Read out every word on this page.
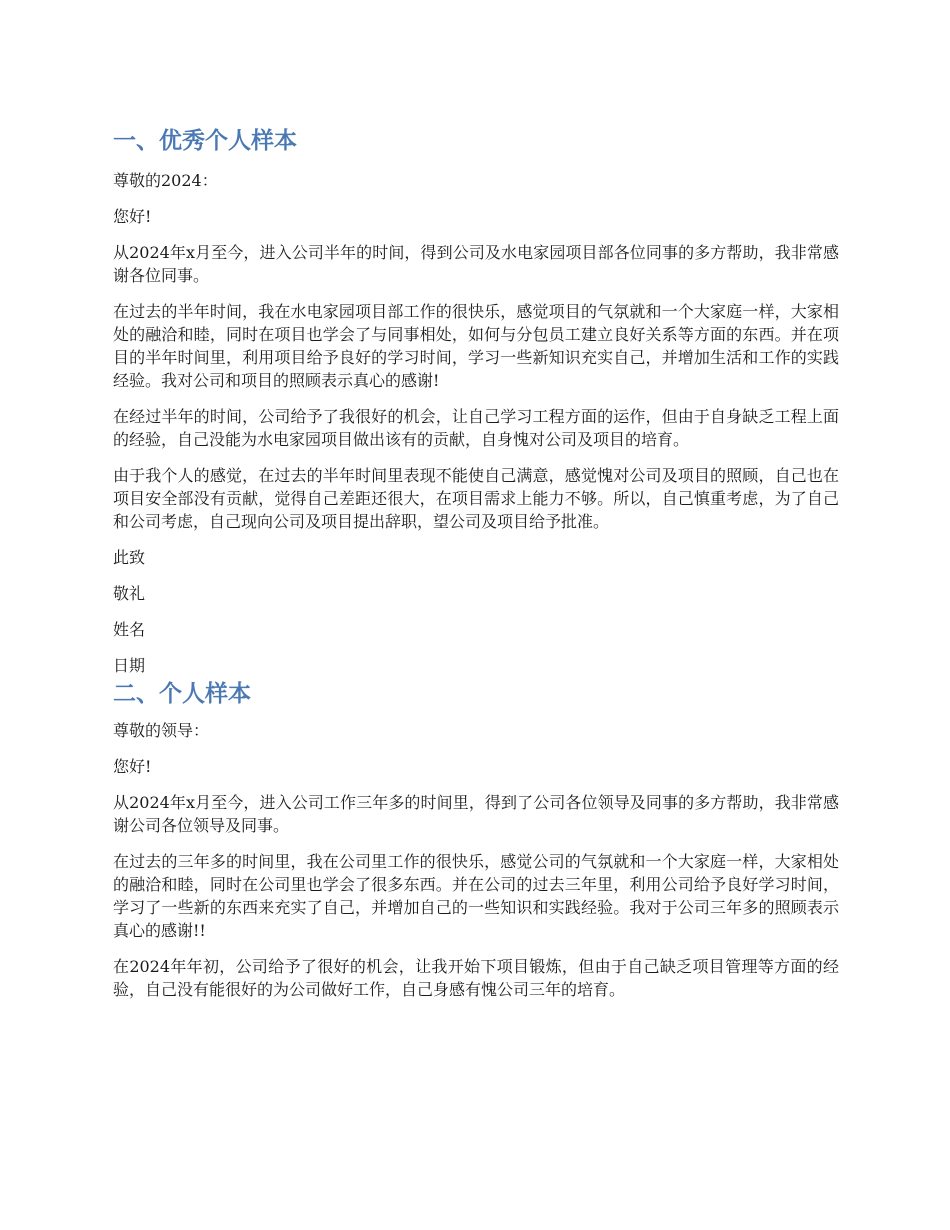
一、优秀个人样本

尊敬的2024：

您好!

从2024年x月至今，进入公司半年的时间，得到公司及水电家园项目部各位同事的多方帮助，我非常感谢各位同事。

在过去的半年时间，我在水电家园项目部工作的很快乐，感觉项目的气氛就和一个大家庭一样，大家相处的融洽和睦，同时在项目也学会了与同事相处，如何与分包员工建立良好关系等方面的东西。并在项目的半年时间里，利用项目给予良好的学习时间，学习一些新知识充实自己，并增加生活和工作的实践经验。我对公司和项目的照顾表示真心的感谢!

在经过半年的时间，公司给予了我很好的机会，让自己学习工程方面的运作，但由于自身缺乏工程上面的经验，自己没能为水电家园项目做出该有的贡献，自身愧对公司及项目的培育。

由于我个人的感觉，在过去的半年时间里表现不能使自己满意，感觉愧对公司及项目的照顾，自己也在项目安全部没有贡献，觉得自己差距还很大，在项目需求上能力不够。所以，自己慎重考虑，为了自己和公司考虑，自己现向公司及项目提出辞职，望公司及项目给予批准。

此致

敬礼

姓名

日期

二、个人样本

尊敬的领导：

您好!

从2024年x月至今，进入公司工作三年多的时间里，得到了公司各位领导及同事的多方帮助，我非常感谢公司各位领导及同事。

在过去的三年多的时间里，我在公司里工作的很快乐，感觉公司的气氛就和一个大家庭一样，大家相处的融洽和睦，同时在公司里也学会了很多东西。并在公司的过去三年里，利用公司给予良好学习时间，学习了一些新的东西来充实了自己，并增加自己的一些知识和实践经验。我对于公司三年多的照顾表示真心的感谢!!

在2024年年初，公司给予了很好的机会，让我开始下项目锻炼，但由于自己缺乏项目管理等方面的经验，自己没有能很好的为公司做好工作，自己身感有愧公司三年的培育。
